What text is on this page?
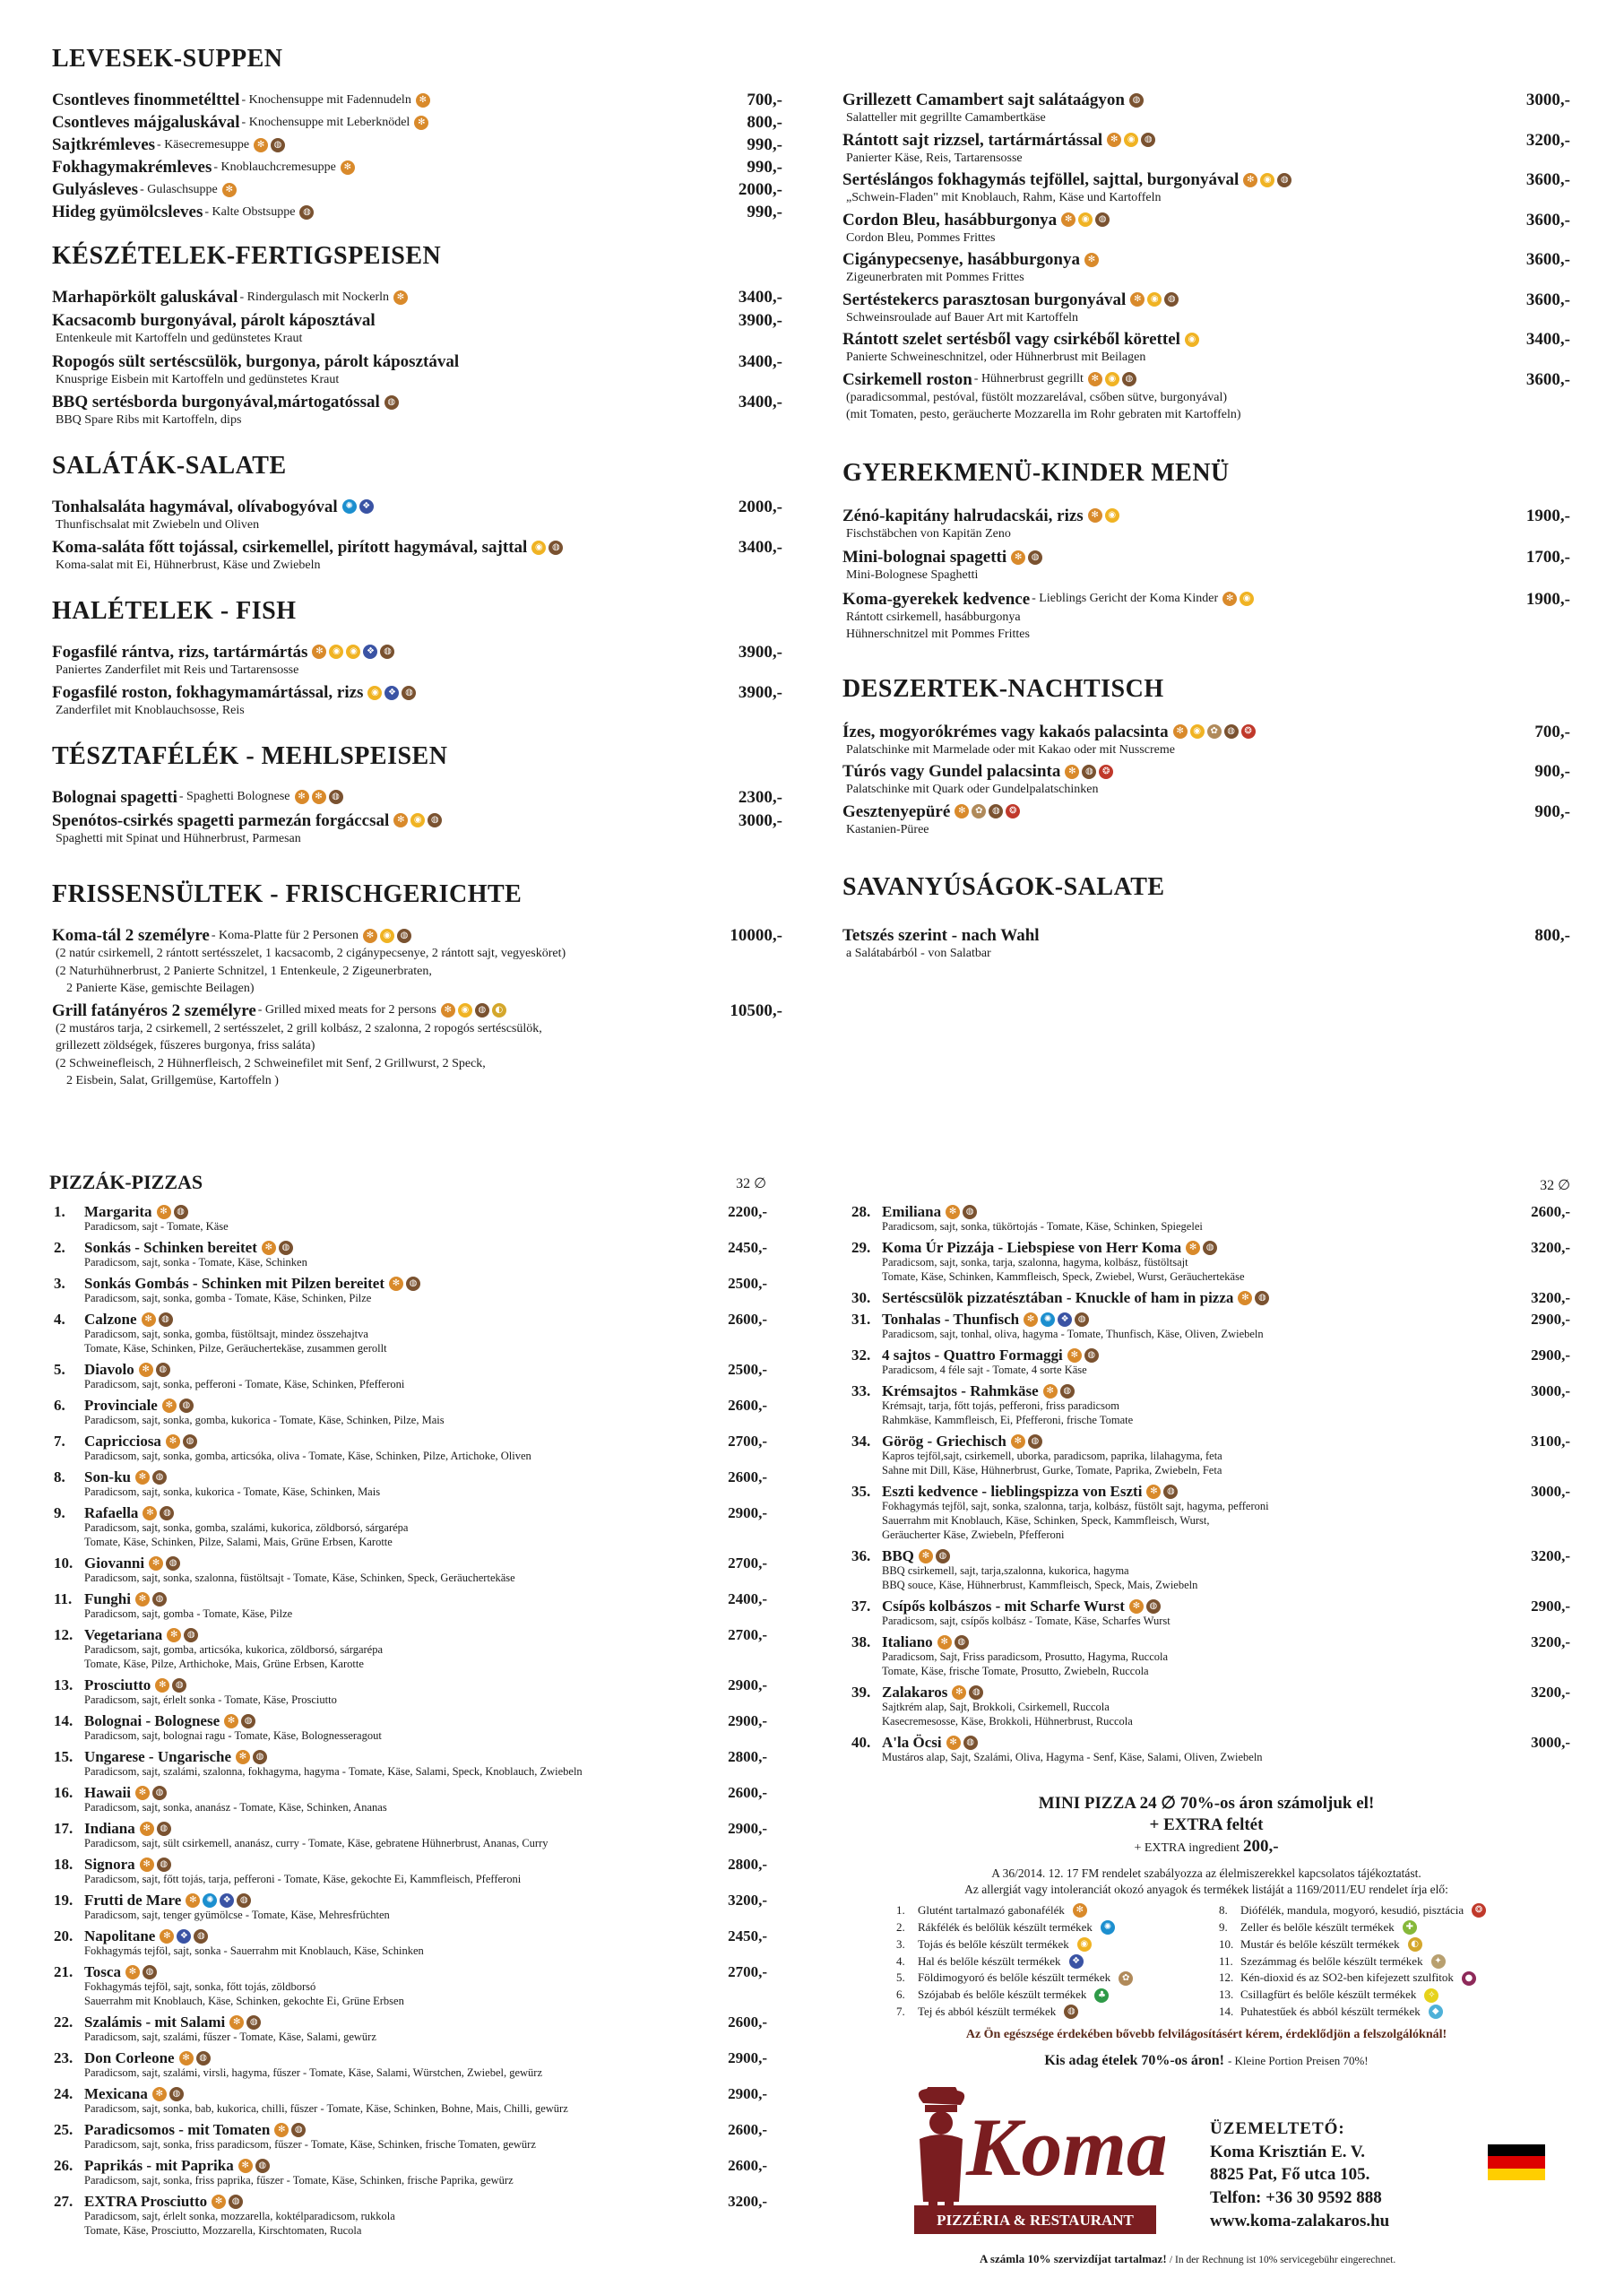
LEVESEK-SUPPEN
Csontleves finommetélttel - Knochensuppe mit Fadennudeln ✻	700,-
Csontleves májgaluskával - Knochensuppe mit Leberknödel ✻	800,-
Sajtkrémleves - Käsecremesuppe ✻	◍	990,-
Fokhagymakrémleves - Knoblauchcremesuppe ✻	990,-
Gulyásleves - Gulaschsuppe ✻	2000,-
Hideg gyümölcsleves - Kalte Obstsuppe ◍	990,-
KÉSZÉTELEK-FERTIGSPEISEN
Marhapörkölt galuskával - Rindergulasch mit Nockerln ✻	3400,-
Kacsacomb burgonyával, párolt káposztával	3900,-
Entenkeule mit Kartoffeln und gedünstetes Kraut
Ropogós sült sertéscsülök, burgonya, párolt káposztával	3400,-
Knusprige Eisbein mit Kartoffeln und gedünstetes Kraut
BBQ sertésborda burgonyával,mártogatóssal ◍	3400,-
BBQ Spare Ribs mit Kartoffeln, dips
SALÁTÁK-SALATE
Tonhalsaláta hagymával, olívabogyóval ✺	❖	2000,-
Thunfischsalat mit Zwiebeln und Oliven
Koma-saláta főtt tojással, csirkemellel, pirított hagymával, sajttal ◉	◍	3400,-
Koma-salat mit Ei, Hühnerbrust, Käse und Zwiebeln
HALÉTELEK - FISH
Fogasfilé rántva, rizs, tartármártás ✻	◉	◉	❖	◍	3900,-
Paniertes Zanderfilet mit Reis und Tartarensosse
Fogasfilé roston, fokhagymamártással, rizs ◉	❖	◍	3900,-
Zanderfilet mit Knoblauchsosse, Reis
TÉSZTAFÉLÉK - MEHLSPEISEN
Bolognai spagetti - Spaghetti Bolognese ✻	✻	◍	2300,-
Spenótos-csirkés spagetti parmezán forgáccsal ✻	◉	◍	3000,-
Spaghetti mit Spinat und Hühnerbrust, Parmesan
FRISSENSÜLTEK - FRISCHGERICHTE
Koma-tál 2 személyre - Koma-Platte für 2 Personen ✻	◉	◍	10000,-
(2 natúr csirkemell, 2 rántott sertésszelet, 1 kacsacomb, 2 cigánypecsenye, 2 rántott sajt, vegyesköret)
(2 Naturhühnerbrust, 2 Panierte Schnitzel, 1 Entenkeule, 2 Zigeunerbraten,
2 Panierte Käse, gemischte Beilagen)
Grill fatányéros 2 személyre - Grilled mixed meats for 2 persons ✻	◉	◍	◐	10500,-
(2 mustáros tarja, 2 csirkemell, 2 sertésszelet, 2 grill kolbász, 2 szalonna, 2 ropogós sertéscsülök,
grillezett zöldségek, fűszeres burgonya, friss saláta)
(2 Schweinefleisch, 2 Hühnerfleisch, 2 Schweinefilet mit Senf, 2 Grillwurst, 2 Speck,
2 Eisbein, Salat, Grillgemüse, Kartoffeln )
Grillezett Camambert sajt salátaágyon ◍	3000,-
Salatteller mit gegrillte Camambertkäse
Rántott sajt rizzsel, tartármártással ✻	◉	◍	3200,-
Panierter Käse, Reis, Tartarensosse
Sertéslángos fokhagymás tejföllel, sajttal, burgonyával ✻	◉	◍	3600,-
„Schwein-Fladen" mit Knoblauch, Rahm, Käse und Kartoffeln
Cordon Bleu, hasábburgonya ✻	◉	◍	3600,-
Cordon Bleu, Pommes Frittes
Cigánypecsenye, hasábburgonya ✻	3600,-
Zigeunerbraten mit Pommes Frittes
Sertéstekercs parasztosan burgonyával ✻	◉	◍	3600,-
Schweinsroulade auf Bauer Art mit Kartoffeln
Rántott szelet sertésből vagy csirkéből körettel ◉	3400,-
Panierte Schweineschnitzel, oder Hühnerbrust mit Beilagen
Csirkemell roston - Hühnerbrust gegrillt ✻	◉	◍	3600,-
(paradicsommal, pestóval, füstölt mozzarelával, csőben sütve, burgonyával)
(mit Tomaten, pesto, geräucherte Mozzarella im Rohr gebraten mit Kartoffeln)
GYEREKMENÜ-KINDER MENÜ
Zénó-kapitány halrudacskái, rizs ✻	◉	1900,-
Fischstäbchen von Kapitän Zeno
Mini-bolognai spagetti ✻	◍	1700,-
Mini-Bolognese Spaghetti
Koma-gyerekek kedvence - Lieblings Gericht der Koma Kinder ✻	◉	1900,-
Rántott csirkemell, hasábburgonya
Hühnerschnitzel mit Pommes Frittes
DESZERTEK-NACHTISCH
Ízes, mogyorókrémes vagy kakaós palacsinta ✻	◉	✿	◍	❂	700,-
Palatschinke mit Marmelade oder mit Kakao oder mit Nusscreme
Túrós vagy Gundel palacsinta ✻	◍	❂	900,-
Palatschinke mit Quark oder Gundelpalatschinken
Gesztenyepüré ✻	✿	◍	❂	900,-
Kastanien-Püree
SAVANYÚSÁGOK-SALATE
Tetszés szerint - nach Wahl	800,-
a Salátabárból - von Salatbar
PIZZÁK-PIZZAS	32 ∅
1.	Margarita ✻	◍	2200,-
Paradicsom, sajt - Tomate, Käse
2.	Sonkás - Schinken bereitet ✻	◍	2450,-
Paradicsom, sajt, sonka - Tomate, Käse, Schinken
3.	Sonkás Gombás - Schinken mit Pilzen bereitet ✻	◍	2500,-
Paradicsom, sajt, sonka, gomba - Tomate, Käse, Schinken, Pilze
4.	Calzone ✻	◍	2600,-
Paradicsom, sajt, sonka, gomba, füstöltsajt, mindez összehajtva
Tomate, Käse, Schinken, Pilze, Geräuchertekäse, zusammen gerollt
5.	Diavolo ✻	◍	2500,-
Paradicsom, sajt, sonka, pefferoni - Tomate, Käse, Schinken, Pfefferoni
6.	Provinciale ✻	◍	2600,-
Paradicsom, sajt, sonka, gomba, kukorica - Tomate, Käse, Schinken, Pilze, Mais
7.	Capricciosa ✻	◍	2700,-
Paradicsom, sajt, sonka, gomba, articsóka, oliva - Tomate, Käse, Schinken, Pilze, Artichoke, Oliven
8.	Son-ku ✻	◍	2600,-
Paradicsom, sajt, sonka, kukorica - Tomate, Käse, Schinken, Mais
9.	Rafaella ✻	◍	2900,-
Paradicsom, sajt, sonka, gomba, szalámi, kukorica, zöldborsó, sárgarépa
Tomate, Käse, Schinken, Pilze, Salami, Mais, Grüne Erbsen, Karotte
10. Giovanni ✻	◍	2700,-
Paradicsom, sajt, sonka, szalonna, füstöltsajt - Tomate, Käse, Schinken, Speck, Geräuchertekäse
11. Funghi ✻	◍	2400,-
Paradicsom, sajt, gomba - Tomate, Käse, Pilze
12. Vegetariana ✻	◍	2700,-
Paradicsom, sajt, gomba, articsóka, kukorica, zöldborsó, sárgarépa
Tomate, Käse, Pilze, Arthichoke, Mais, Grüne Erbsen, Karotte
13. Prosciutto ✻	◍	2900,-
Paradicsom, sajt, érlelt sonka - Tomate, Käse, Prosciutto
14. Bolognai - Bolognese ✻	◍	2900,-
Paradicsom, sajt, bolognai ragu - Tomate, Käse, Bolognesseragout
15. Ungarese - Ungarische ✻	◍	2800,-
Paradicsom, sajt, szalámi, szalonna, fokhagyma, hagyma - Tomate, Käse, Salami, Speck, Knoblauch, Zwiebeln
16. Hawaii ✻	◍	2600,-
Paradicsom, sajt, sonka, ananász - Tomate, Käse, Schinken, Ananas
17. Indiana ✻	◍	2900,-
Paradicsom, sajt, sült csirkemell, ananász, curry - Tomate, Käse, gebratene Hühnerbrust, Ananas, Curry
18. Signora ✻	◍	2800,-
Paradicsom, sajt, főtt tojás, tarja, pefferoni - Tomate, Käse, gekochte Ei, Kammfleisch, Pfefferoni
19. Frutti de Mare ✻	✺	❖	◍	3200,-
Paradicsom, sajt, tenger gyümölcse - Tomate, Käse, Mehresfrüchten
20. Napolitane ✻	❖	◍	2450,-
Fokhagymás tejföl, sajt, sonka - Sauerrahm mit Knoblauch, Käse, Schinken
21. Tosca ✻	◍	2700,-
Fokhagymás tejföl, sajt, sonka, főtt tojás, zöldborsó
Sauerrahm mit Knoblauch, Käse, Schinken, gekochte Ei, Grüne Erbsen
22. Szalámis - mit Salami ✻	◍	2600,-
Paradicsom, sajt, szalámi, fűszer - Tomate, Käse, Salami, gewürz
23. Don Corleone ✻	◍	2900,-
Paradicsom, sajt, szalámi, virsli, hagyma, fűszer - Tomate, Käse, Salami, Würstchen, Zwiebel, gewürz
24. Mexicana ✻	◍	2900,-
Paradicsom, sajt, sonka, bab, kukorica, chilli, fűszer - Tomate, Käse, Schinken, Bohne, Mais, Chilli, gewürz
25. Paradicsomos - mit Tomaten ✻	◍	2600,-
Paradicsom, sajt, sonka, friss paradicsom, fűszer - Tomate, Käse, Schinken, frische Tomaten, gewürz
26. Paprikás - mit Paprika ✻	◍	2600,-
Paradicsom, sajt, sonka, friss paprika, fűszer - Tomate, Käse, Schinken, frische Paprika, gewürz
27. EXTRA Prosciutto ✻	◍	3200,-
Paradicsom, sajt, érlelt sonka, mozzarella, koktélparadicsom, rukkola
Tomate, Käse, Prosciutto, Mozzarella, Kirschtomaten, Rucola
32 ∅
28. Emiliana ✻	◍	2600,-
Paradicsom, sajt, sonka, tükörtojás - Tomate, Käse, Schinken, Spiegelei
29. Koma Úr Pizzája - Liebspiese von Herr Koma ✻	◍	3200,-
Paradicsom, sajt, sonka, tarja, szalonna, hagyma, kolbász, füstöltsajt
Tomate, Käse, Schinken, Kammfleisch, Speck, Zwiebel, Wurst, Geräuchertekäse
30. Sertéscsülök pizzatésztában - Knuckle of ham in pizza ✻	◍	3200,-
31. Tonhalas - Thunfisch ✻	✺	❖	◍	2900,-
Paradicsom, sajt, tonhal, oliva, hagyma - Tomate, Thunfisch, Käse, Oliven, Zwiebeln
32. 4 sajtos - Quattro Formaggi ✻	◍	2900,-
Paradicsom, 4 féle sajt - Tomate, 4 sorte Käse
33. Krémsajtos - Rahmkäse ✻	◍	3000,-
Krémsajt, tarja, főtt tojás, pefferoni, friss paradicsom
Rahmkäse, Kammfleisch, Ei, Pfefferoni, frische Tomate
34. Görög - Griechisch ✻	◍	3100,-
Kapros tejföl,sajt, csirkemell, uborka, paradicsom, paprika, lilahagyma, feta
Sahne mit Dill, Käse, Hühnerbrust, Gurke, Tomate, Paprika, Zwiebeln, Feta
35. Eszti kedvence - lieblingspizza von Eszti ✻	◍	3000,-
Fokhagymás tejföl, sajt, sonka, szalonna, tarja, kolbász, füstölt sajt, hagyma, pefferoni
Sauerrahm mit Knoblauch, Käse, Schinken, Speck, Kammfleisch, Wurst,
Geräucherter Käse, Zwiebeln, Pfefferoni
36. BBQ ✻	◍	3200,-
BBQ csirkemell, sajt, tarja,szalonna, kukorica, hagyma
BBQ souce, Käse, Hühnerbrust, Kammfleisch, Speck, Mais, Zwiebeln
37. Csípős kolbászos - mit Scharfe Wurst ✻	◍	2900,-
Paradicsom, sajt, csípős kolbász - Tomate, Käse, Scharfes Wurst
38. Italiano ✻	◍	3200,-
Paradicsom, Sajt, Friss paradicsom, Prosutto, Hagyma, Ruccola
Tomate, Käse, frische Tomate, Prosutto, Zwiebeln, Ruccola
39. Zalakaros ✻	◍	3200,-
Sajtkrém alap, Sajt, Brokkoli, Csirkemell, Ruccola
Kasecremesosse, Käse, Brokkoli, Hühnerbrust, Ruccola
40. A'la Öcsi ✻	◍	3000,-
Mustáros alap, Sajt, Szalámi, Oliva, Hagyma - Senf, Käse, Salami, Oliven, Zwiebeln
MINI PIZZA 24 ∅ 70%-os áron számoljuk el!
+ EXTRA feltét
+ EXTRA ingredient 200,-
A 36/2014. 12. 17 FM rendelet szabályozza az élelmiszerekkel kapcsolatos tájékoztatást.
Az allergiát vagy intoleranciát okozó anyagok és termékek listáját a 1169/2011/EU rendelet írja elő:
1.	Glutént tartalmazó gabonafélék	✻
2.	Rákfélék és belőlük készült termékek	✺
3.	Tojás és belőle készült termékek	◉
4.	Hal és belőle készült termékek	❖
5.	Földimogyoró és belőle készült termékek	✿
6.	Szójabab és belőle készült termékek	♣
7.	Tej és abból készült termékek	◍
8.	Diófélék, mandula, mogyoró, kesudió, pisztácia	❂
9.	Zeller és belőle készült termékek	✚
10. Mustár és belőle készült termékek	◐
11. Szezámmag és belőle készült termékek	✦
12. Kén-dioxid és az SO2-ben kifejezett szulfitok	●
13. Csillagfürt és belőle készült termékek	✧
14. Puhatestűek és abból készült termékek	◆
Az Ön egészsége érdekében bővebb felvilágosításért kérem, érdeklődjön a felszolgálóknál!
Kis adag ételek 70%-os áron! - Kleine Portion Preisen 70%!
Koma
PIZZÉRIA & RESTAURANT
ÜZEMELTETŐ:
Koma Krisztián E. V.
8825 Pat, Fő utca 105.
Telfon: +36 30 9592 888
www.koma-zalakaros.hu
A számla 10% szervizdíjat tartalmaz! / In der Rechnung ist 10% servicegebühr eingerechnet.
